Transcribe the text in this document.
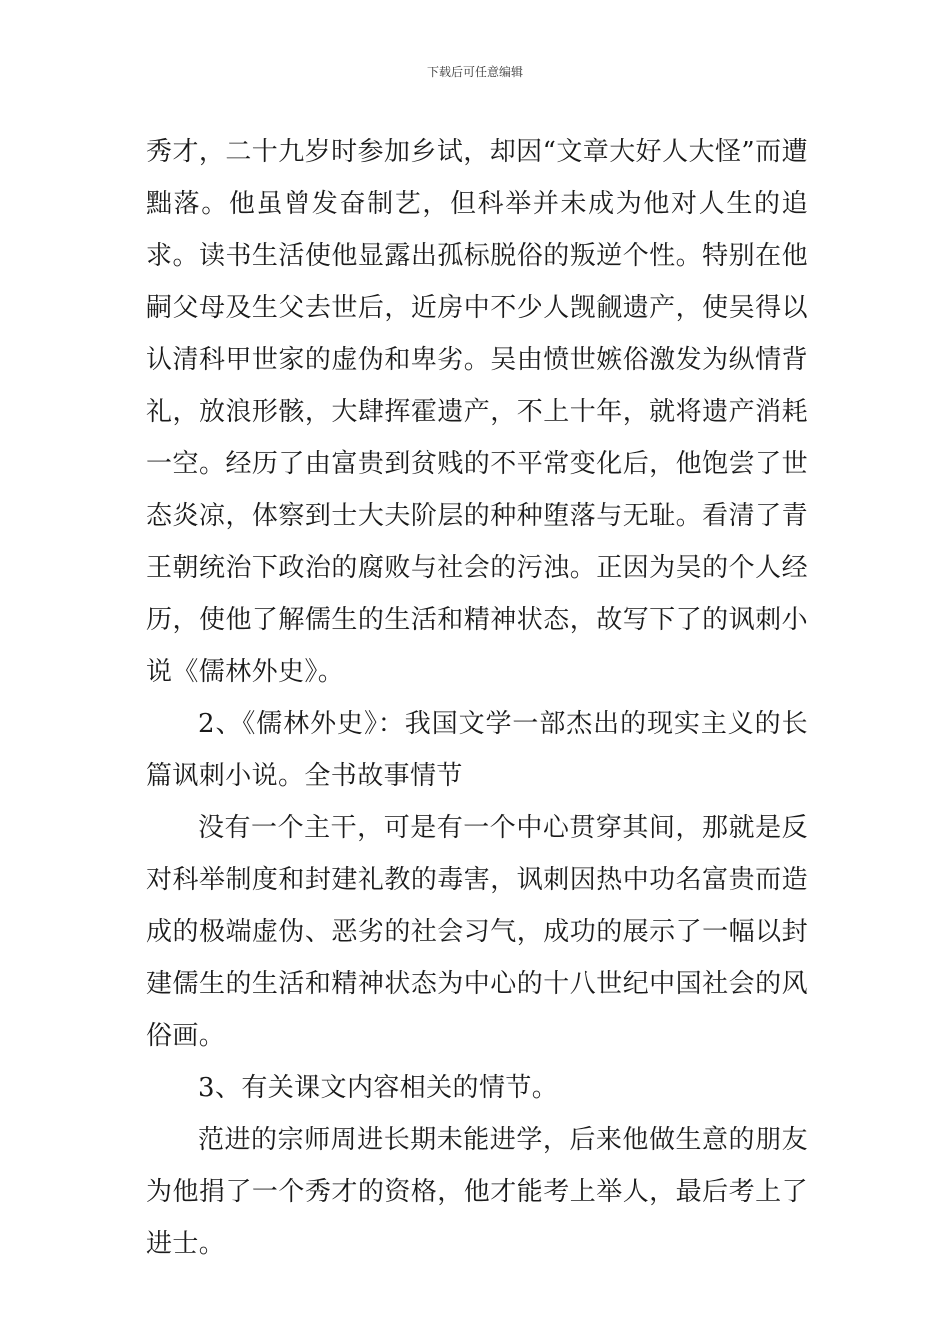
下载后可任意编辑

秀才，二十九岁时参加乡试，却因“文章大好人大怪”而遭黜落。他虽曾发奋制艺，但科举并未成为他对人生的追求。读书生活使他显露出孤标脱俗的叛逆个性。特别在他嗣父母及生父去世后，近房中不少人觊觎遗产，使吴得以认清科甲世家的虚伪和卑劣。吴由愤世嫉俗激发为纵情背礼，放浪形骸，大肆挥霍遗产，不上十年，就将遗产消耗一空。经历了由富贵到贫贱的不平常变化后，他饱尝了世态炎凉，体察到士大夫阶层的种种堕落与无耻。看清了青王朝统治下政治的腐败与社会的污浊。正因为吴的个人经历，使他了解儒生的生活和精神状态，故写下了的讽刺小说《儒林外史》。

2、《儒林外史》：我国文学一部杰出的现实主义的长篇讽刺小说。全书故事情节

没有一个主干，可是有一个中心贯穿其间，那就是反对科举制度和封建礼教的毒害，讽刺因热中功名富贵而造成的极端虚伪、恶劣的社会习气，成功的展示了一幅以封建儒生的生活和精神状态为中心的十八世纪中国社会的风俗画。

3、有关课文内容相关的情节。

范进的宗师周进长期未能进学，后来他做生意的朋友为他捐了一个秀才的资格，他才能考上举人，最后考上了进士。
